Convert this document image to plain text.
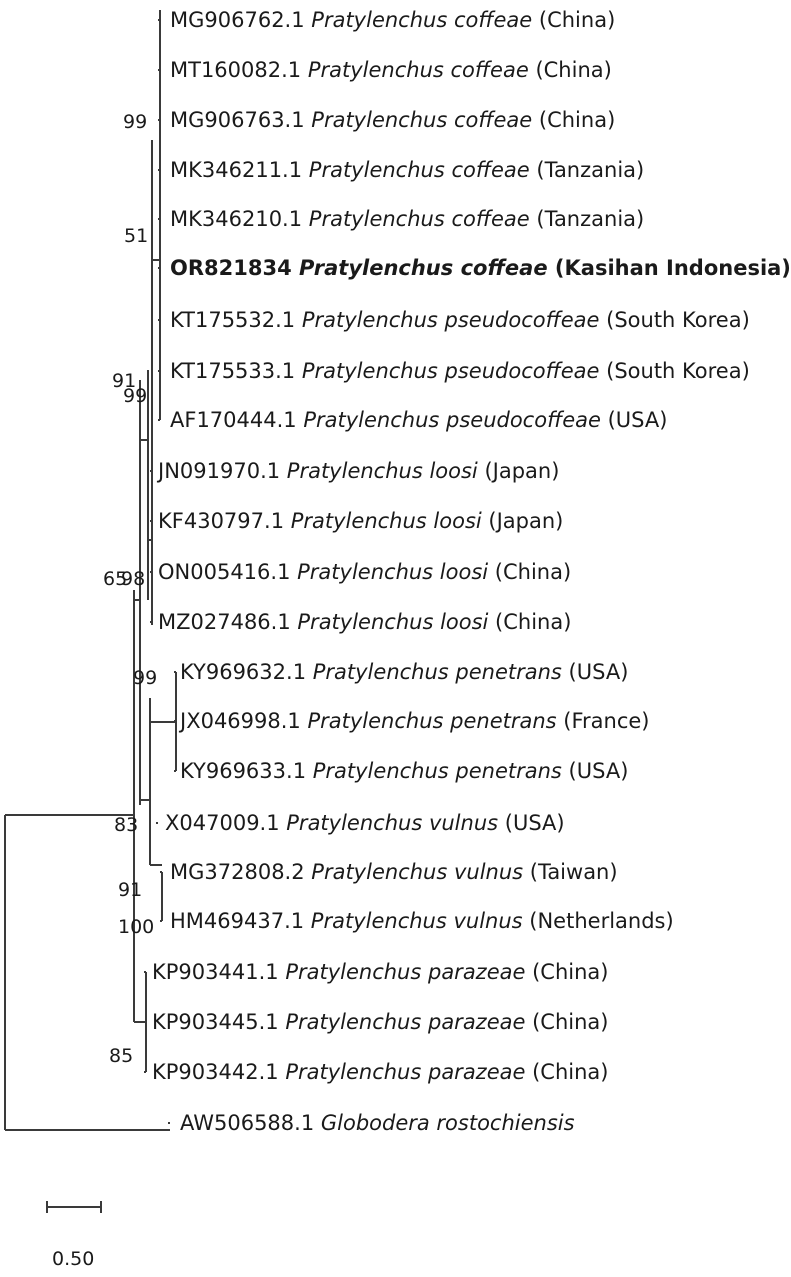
MG906762.1 Pratylenchus coffeae (China)
MT160082.1 Pratylenchus coffeae (China)
MG906763.1 Pratylenchus coffeae (China)
MK346211.1 Pratylenchus coffeae (Tanzania)
MK346210.1 Pratylenchus coffeae (Tanzania)
OR821834 Pratylenchus coffeae (Kasihan Indonesia)
KT175532.1 Pratylenchus pseudocoffeae (South Korea)
KT175533.1 Pratylenchus pseudocoffeae (South Korea)
AF170444.1 Pratylenchus pseudocoffeae (USA)
JN091970.1 Pratylenchus loosi (Japan)
KF430797.1 Pratylenchus loosi (Japan)
ON005416.1 Pratylenchus loosi (China)
MZ027486.1 Pratylenchus loosi (China)
KY969632.1 Pratylenchus penetrans (USA)
JX046998.1 Pratylenchus penetrans (France)
KY969633.1 Pratylenchus penetrans (USA)
X047009.1 Pratylenchus vulnus (USA)
MG372808.2 Pratylenchus vulnus (Taiwan)
HM469437.1 Pratylenchus vulnus (Netherlands)
KP903441.1 Pratylenchus parazeae (China)
KP903445.1 Pratylenchus parazeae (China)
KP903442.1 Pratylenchus parazeae (China)
AW506588.1 Globodera rostochiensis
99
51
91
99
65
98
99
83
91
100
85
0.50
